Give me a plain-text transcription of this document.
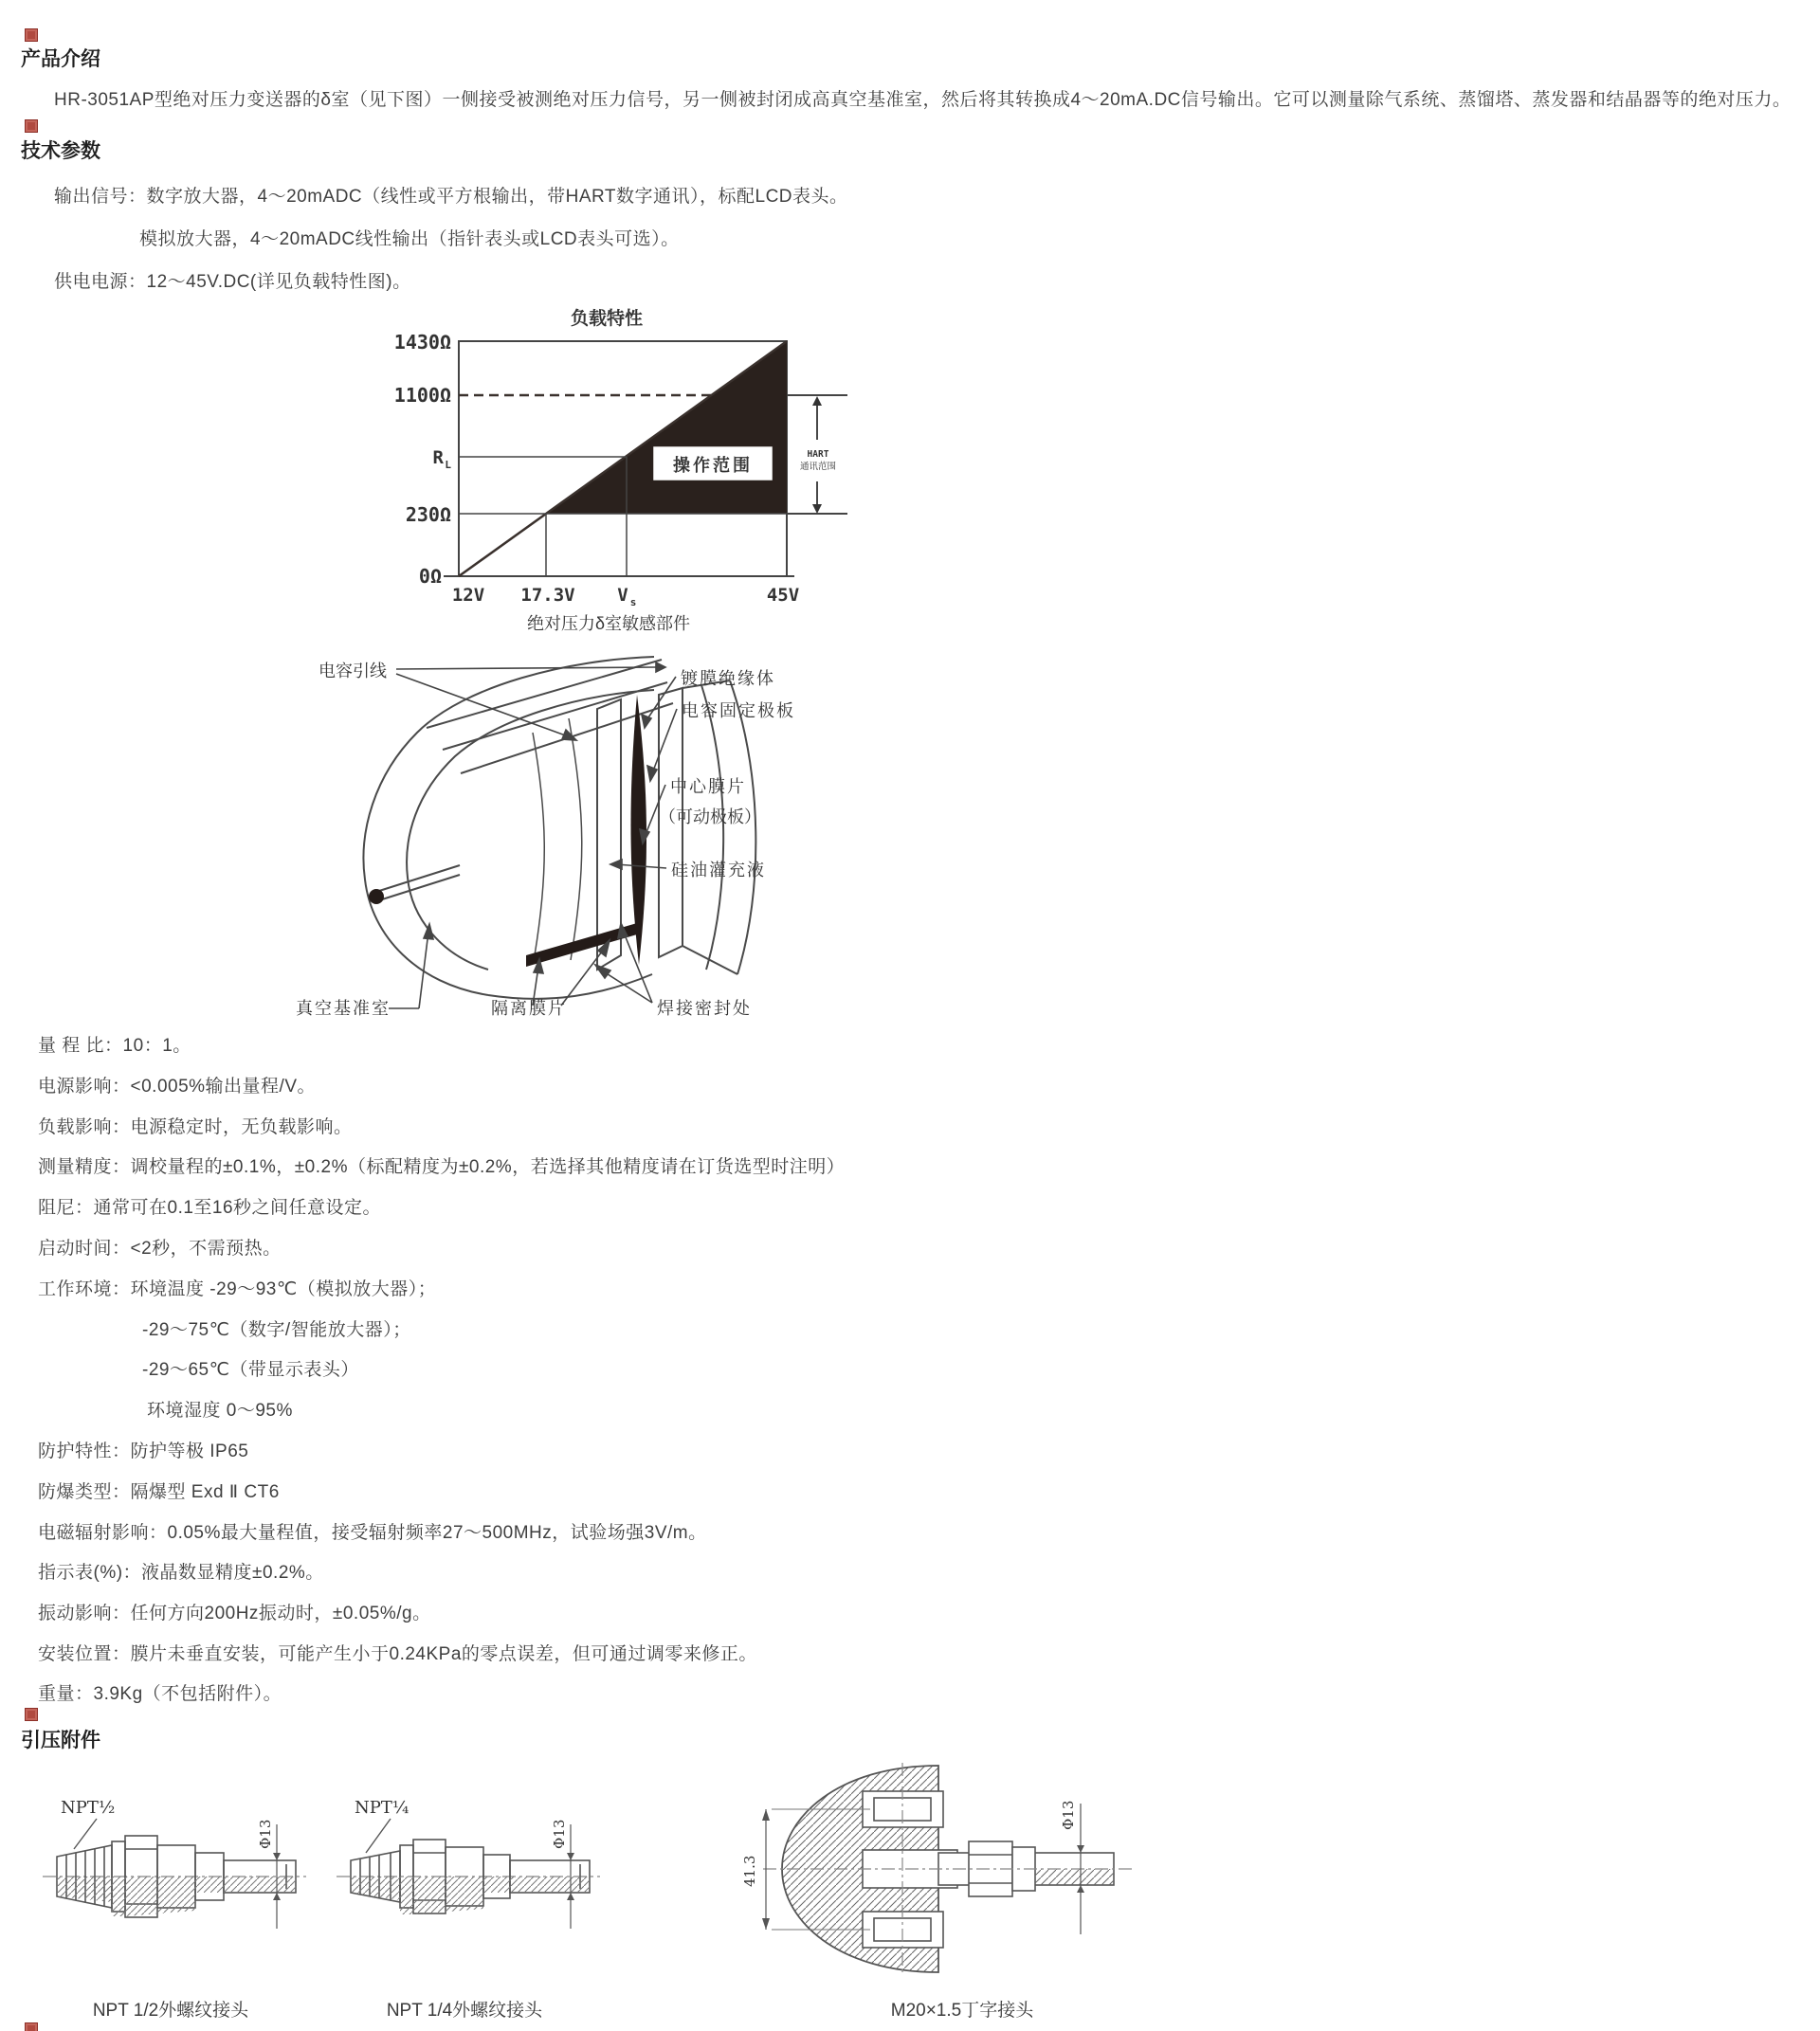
产品介绍
HR-3051AP型绝对压力变送器的δ室（见下图）一侧接受被测绝对压力信号，另一侧被封闭成高真空基准室，然后将其转换成4～20mA.DC信号输出。它可以测量除气系统、蒸馏塔、蒸发器和结晶器等的绝对压力。
技术参数
输出信号：数字放大器，4～20mADC（线性或平方根输出，带HART数字通讯），标配LCD表头。
模拟放大器，4～20mADC线性输出（指针表头或LCD表头可选）。
供电电源：12～45V.DC(详见负载特性图)。
负载特性
操作范围
HART
通讯范围
1430Ω
1100Ω
R L
230Ω
0Ω
12V 17.3V V s	45V
绝对压力δ室敏感部件
电容引线	镀膜绝缘体
电容固定极板
中心膜片
（可动极板）
硅油灌充液
焊接密封处
真空基准室	隔离膜片
量 程 比：10：1。
电源影响：<0.005%输出量程/V。
负载影响：电源稳定时，无负载影响。
测量精度：调校量程的±0.1%，±0.2%（标配精度为±0.2%，若选择其他精度请在订货选型时注明）
阻尼：通常可在0.1至16秒之间任意设定。
启动时间：<2秒，不需预热。
工作环境：环境温度 -29～93℃（模拟放大器）；
-29～75℃（数字/智能放大器）；
-29～65℃（带显示表头）
环境湿度 0～95%
防护特性：防护等极 IP65
防爆类型：隔爆型 Exd Ⅱ CT6
电磁辐射影响：0.05%最大量程值，接受辐射频率27～500MHz，试验场强3V/m。
指示表(%)：液晶数显精度±0.2%。
振动影响：任何方向200Hz振动时，±0.05%/g。
安装位置：膜片未垂直安装，可能产生小于0.24KPa的零点误差，但可通过调零来修正。
重量：3.9Kg（不包括附件）。
引压附件
NPT½
Φ13
NPT 1/2外螺纹接头
NPT¼
Φ13
NPT 1/4外螺纹接头
41.3
Φ13
M20×1.5丁字接头
